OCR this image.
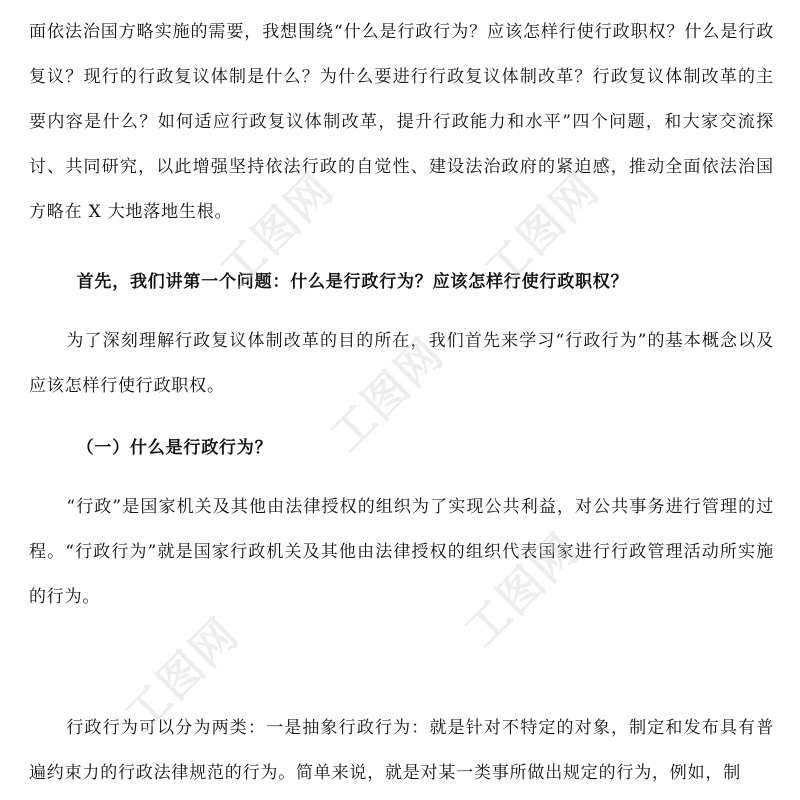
面依法治国方略实施的需要，我想围绕“什么是行政行为？应该怎样行使行政职权？什么是行政复议？现行的行政复议体制是什么？为什么要进行行政复议体制改革？行政复议体制改革的主要内容是什么？如何适应行政复议体制改革，提升行政能力和水平”四个问题，和大家交流探讨、共同研究，以此增强坚持依法行政的自觉性、建设法治政府的紧迫感，推动全面依法治国方略在 X 大地落地生根。

首先，我们讲第一个问题：什么是行政行为？应该怎样行使行政职权？

为了深刻理解行政复议体制改革的目的所在，我们首先来学习“行政行为”的基本概念以及应该怎样行使行政职权。

（一）什么是行政行为？

“行政”是国家机关及其他由法律授权的组织为了实现公共利益，对公共事务进行管理的过程。“行政行为”就是国家行政机关及其他由法律授权的组织代表国家进行行政管理活动所实施的行为。

行政行为可以分为两类：一是抽象行政行为：就是针对不特定的对象，制定和发布具有普遍约束力的行政法律规范的行为。简单来说，就是对某一类事所做出规定的行为，例如，制

工图网	工图网
工图网
工图网
工图网
